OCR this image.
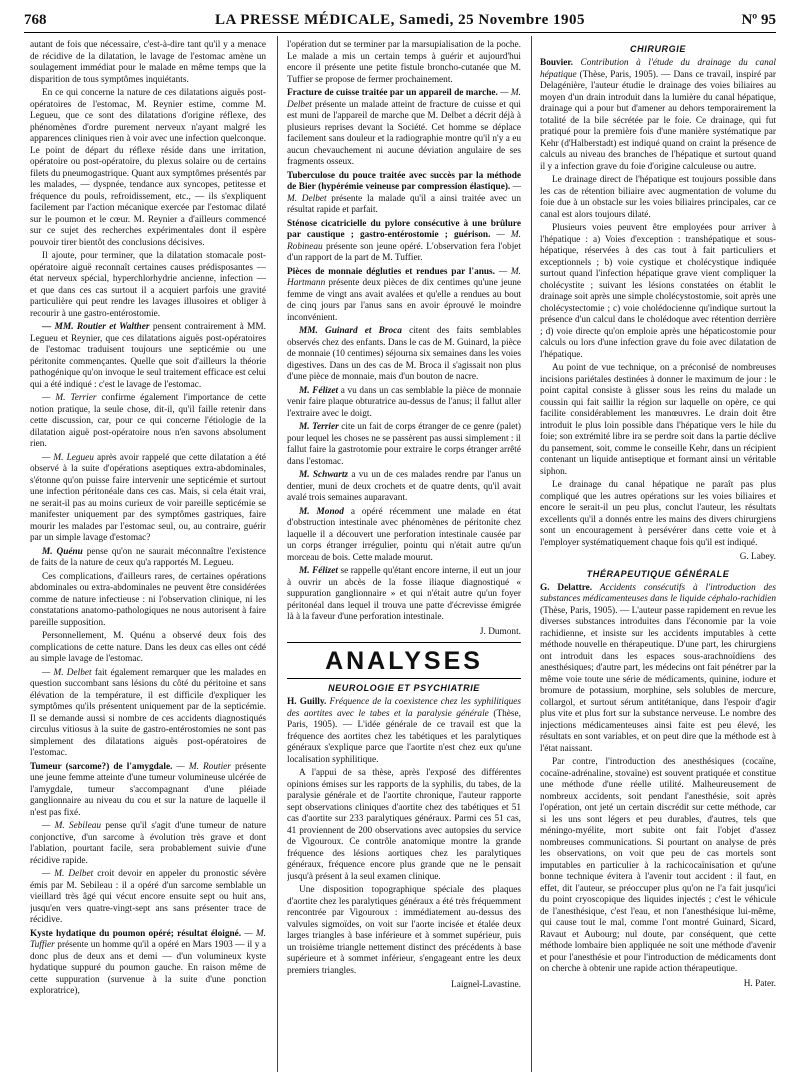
768	LA PRESSE MÉDICALE, Samedi, 25 Novembre 1905	Nº 95

autant de fois que nécessaire, c'est-à-dire tant qu'il y a menace de récidive de la dilatation, le lavage de l'estomac amène un soulagement immédiat pour le malade en même temps que la disparition de tous symptômes inquiétants.

En ce qui concerne la nature de ces dilatations aiguës post-opératoires de l'estomac, M. Reynier estime, comme M. Legueu, que ce sont des dilatations d'origine réflexe, des phénomènes d'ordre purement nerveux n'ayant malgré les apparences cliniques rien à voir avec une infection quelconque. Le point de départ du réflexe réside dans une irritation, opératoire ou post-opératoire, du plexus solaire ou de certains filets du pneumogastrique. Quant aux symptômes présentés par les malades, — dyspnée, tendance aux syncopes, petitesse et fréquence du pouls, refroidissement, etc., — ils s'expliquent facilement par l'action mécanique exercée par l'estomac dilaté sur le poumon et le cœur. M. Reynier a d'ailleurs commencé sur ce sujet des recherches expérimentales dont il espère pouvoir tirer bientôt des conclusions décisives.

Il ajoute, pour terminer, que la dilatation stomacale post-opératoire aiguë reconnaît certaines causes prédisposantes — état nerveux spécial, hyperchlorhydrie ancienne, infection — et que dans ces cas surtout il a acquiert parfois une gravité particulière qui peut rendre les lavages illusoires et obliger à recourir à une gastro-entérostomie.

— MM. Routier et Walther pensent contrairement à MM. Legueu et Reynier, que ces dilatations aiguës post-opératoires de l'estomac traduisent toujours une septicémie ou une péritonite commençantes. Quelle que soit d'ailleurs la théorie pathogénique qu'on invoque le seul traitement efficace est celui qui a été indiqué : c'est le lavage de l'estomac.

— M. Terrier confirme également l'importance de cette notion pratique, la seule chose, dit-il, qu'il faille retenir dans cette discussion, car, pour ce qui concerne l'étiologie de la dilatation aiguë post-opératoire nous n'en savons absolument rien.

— M. Legueu après avoir rappelé que cette dilatation a été observé à la suite d'opérations aseptiques extra-abdominales, s'étonne qu'on puisse faire intervenir une septicémie et surtout une infection péritonéale dans ces cas. Mais, si cela était vrai, ne serait-il pas au moins curieux de voir pareille septicémie se manifester uniquement par des symptômes gastriques, faire mourir les malades par l'estomac seul, ou, au contraire, guérir par un simple lavage d'estomac?

M. Quénu pense qu'on ne saurait méconnaître l'existence de faits de la nature de ceux qu'a rapportés M. Legueu.

Ces complications, d'ailleurs rares, de certaines opérations abdominales ou extra-abdominales ne peuvent être considérées comme de nature infectieuse : ni l'observation clinique, ni les constatations anatomo-pathologiques ne nous autorisent à faire pareille supposition.

Personnellement, M. Quénu a observé deux fois des complications de cette nature. Dans les deux cas elles ont cédé au simple lavage de l'estomac.

— M. Delbet fait également remarquer que les malades en question succombant sans lésions du côté du péritoine et sans élévation de la température, il est difficile d'expliquer les symptômes qu'ils présentent uniquement par de la septicémie. Il se demande aussi si nombre de ces accidents diagnostiqués circulus vitiosus à la suite de gastro-entérostomies ne sont pas simplement des dilatations aiguës post-opératoires de l'estomac.

Tumeur (sarcome?) de l'amygdale. — M. Routier présente une jeune femme atteinte d'une tumeur volumineuse ulcérée de l'amygdale, tumeur s'accompagnant d'une pléiade ganglionnaire au niveau du cou et sur la nature de laquelle il n'est pas fixé.

— M. Sebileau pense qu'il s'agit d'une tumeur de nature conjonctive, d'un sarcome à évolution très grave et dont l'ablation, pourtant facile, sera probablement suivie d'une récidive rapide.

— M. Delbet croit devoir en appeler du pronostic sévère émis par M. Sebileau : il a opéré d'un sarcome semblable un vieillard très âgé qui vécut encore ensuite sept ou huit ans, jusqu'en vers quatre-vingt-sept ans sans présenter trace de récidive.

Kyste hydatique du poumon opéré; résultat éloigné. — M. Tuffier présente un homme qu'il a opéré en Mars 1903 — il y a donc plus de deux ans et demi — d'un volumineux kyste hydatique suppuré du poumon gauche. En raison même de cette suppuration (survenue à la suite d'une ponction exploratrice),

l'opération dut se terminer par la marsupialisation de la poche. Le malade a mis un certain temps à guérir et aujourd'hui encore il présente une petite fistule broncho-cutanée que M. Tuffier se propose de fermer prochainement.

Fracture de cuisse traitée par un appareil de marche. — M. Delbet présente un malade atteint de fracture de cuisse et qui est muni de l'appareil de marche que M. Delbet a décrit déjà à plusieurs reprises devant la Société. Cet homme se déplace facilement sans douleur et la radiographie montre qu'il n'y a eu aucun chevauchement ni aucune déviation angulaire de ses fragments osseux.

Tuberculose du pouce traitée avec succès par la méthode de Bier (hypérémie veineuse par compression élastique). — M. Delbet présente la malade qu'il a ainsi traitée avec un résultat rapide et parfait.

Sténose cicatricielle du pylore consécutive à une brûlure par caustique ; gastro-entérostomie ; guérison. — M. Robineau présente son jeune opéré. L'observation fera l'objet d'un rapport de la part de M. Tuffier.

Pièces de monnaie dégluties et rendues par l'anus. — M. Hartmann présente deux pièces de dix centimes qu'une jeune femme de vingt ans avait avalées et qu'elle a rendues au bout de cinq jours par l'anus sans en avoir éprouvé le moindre inconvénient.

MM. Guinard et Broca citent des faits semblables observés chez des enfants. Dans le cas de M. Guinard, la pièce de monnaie (10 centimes) séjourna six semaines dans les voies digestives. Dans un des cas de M. Broca il s'agissait non plus d'une pièce de monnaie, mais d'un bouton de nacre.

M. Félizet a vu dans un cas semblable la pièce de monnaie venir faire plaque obturatrice au-dessus de l'anus; il fallut aller l'extraire avec le doigt.

M. Terrier cite un fait de corps étranger de ce genre (palet) pour lequel les choses ne se passèrent pas aussi simplement : il fallut faire la gastrotomie pour extraire le corps étranger arrêté dans l'estomac.

M. Schwartz a vu un de ces malades rendre par l'anus un dentier, muni de deux crochets et de quatre dents, qu'il avait avalé trois semaines auparavant.

M. Monod a opéré récemment une malade en état d'obstruction intestinale avec phénomènes de péritonite chez laquelle il a découvert une perforation intestinale causée par un corps étranger irrégulier, pointu qui n'était autre qu'un morceau de bois. Cette malade mourut.

M. Félizet se rappelle qu'étant encore interne, il eut un jour à ouvrir un abcès de la fosse iliaque diagnostiqué « suppuration ganglionnaire » et qui n'était autre qu'un foyer péritonéal dans lequel il trouva une patte d'écrevisse émigrée là à la faveur d'une perforation intestinale.

J. Dumont.

ANALYSES
NEUROLOGIE ET PSYCHIATRIE

H. Guilly. Fréquence de la coexistence chez les syphilitiques des aortites avec le tabes et la paralysie générale (Thèse, Paris, 1905). — L'idée générale de ce travail est que la fréquence des aortites chez les tabétiques et les paralytiques généraux s'explique parce que l'aortite n'est chez eux qu'une localisation syphilitique.

A l'appui de sa thèse, après l'exposé des différentes opinions émises sur les rapports de la syphilis, du tabes, de la paralysie générale et de l'aortite chronique, l'auteur rapporte sept observations cliniques d'aortite chez des tabétiques et 51 cas d'aortite sur 233 paralytiques généraux. Parmi ces 51 cas, 41 proviennent de 200 observations avec autopsies du service de Vigouroux. Ce contrôle anatomique montre la grande fréquence des lésions aortiques chez les paralytiques généraux, fréquence encore plus grande que ne le pensait jusqu'à présent à la seul examen clinique.

Une disposition topographique spéciale des plaques d'aortite chez les paralytiques généraux a été très fréquemment rencontrée par Vigouroux : immédiatement au-dessus des valvules sigmoïdes, on voit sur l'aorte incisée et étalée deux larges triangles à base inférieure et à sommet supérieur, puis un troisième triangle nettement distinct des précédents à base supérieure et à sommet inférieur, s'engageant entre les deux premiers triangles.

Laignel-Lavastine.

CHIRURGIE

Bouvier. Contribution à l'étude du drainage du canal hépatique (Thèse, Paris, 1905). — Dans ce travail, inspiré par Delagénière, l'auteur étudie le drainage des voies biliaires au moyen d'un drain introduit dans la lumière du canal hépatique, drainage qui a pour but d'amener au dehors temporairement la totalité de la bile sécrétée par le foie. Ce drainage, qui fut pratiqué pour la première fois d'une manière systématique par Kehr (d'Halberstadt) est indiqué quand on craint la présence de calculs au niveau des branches de l'hépatique et surtout quand il y a infection grave du foie d'origine calculeuse ou autre.

Le drainage direct de l'hépatique est toujours possible dans les cas de rétention biliaire avec augmentation de volume du foie due à un obstacle sur les voies biliaires principales, car ce canal est alors toujours dilaté.

Plusieurs voies peuvent être employées pour arriver à l'hépatique : a) Voies d'exception : transhépatique et sous-hépatique, réservées à des cas tout à fait particuliers et exceptionnels ; b) voie cystique et cholécystique indiquée surtout quand l'infection hépatique grave vient compliquer la cholécystite ; suivant les lésions constatées on établit le drainage soit après une simple cholécystostomie, soit après une cholécystectomie ; c) voie cholédocienne qu'indique surtout la présence d'un calcul dans le cholédoque avec rétention derrière ; d) voie directe qu'on emploie après une hépaticostomie pour calculs ou lors d'une infection grave du foie avec dilatation de l'hépatique.

Au point de vue technique, on a préconisé de nombreuses incisions pariétales destinées à donner le maximum de jour : le point capital consiste à glisser sous les reins du malade un coussin qui fait saillir la région sur laquelle on opère, ce qui facilite considérablement les manœuvres. Le drain doit être introduit le plus loin possible dans l'hépatique vers le hile du foie; son extrémité libre ira se perdre soit dans la partie déclive du pansement, soit, comme le conseille Kehr, dans un récipient contenant un liquide antiseptique et formant ainsi un véritable siphon.

Le drainage du canal hépatique ne paraît pas plus compliqué que les autres opérations sur les voies biliaires et encore le serait-il un peu plus, conclut l'auteur, les résultats excellents qu'il a donnés entre les mains des divers chirurgiens sont un encouragement à persévérer dans cette voie et à l'employer systématiquement chaque fois qu'il est indiqué.

G. Labey.

THÉRAPEUTIQUE GÉNÉRALE

G. Delattre. Accidents consécutifs à l'introduction des substances médicamenteuses dans le liquide céphalo-rachidien (Thèse, Paris, 1905). — L'auteur passe rapidement en revue les diverses substances introduites dans l'économie par la voie rachidienne, et insiste sur les accidents imputables à cette méthode nouvelle en thérapeutique. D'une part, les chirurgiens ont introduit dans les espaces sous-arachnoïdiens des anesthésiques; d'autre part, les médecins ont fait pénétrer par la même voie toute une série de médicaments, quinine, iodure et bromure de potassium, morphine, sels solubles de mercure, collargol, et surtout sérum antitétanique, dans l'espoir d'agir plus vite et plus fort sur la substance nerveuse. Le nombre des injections médicamenteuses ainsi faite est peu élevé, les résultats en sont variables, et on peut dire que la méthode est à l'état naissant.

Par contre, l'introduction des anesthésiques (cocaïne, cocaïne-adrénaline, stovaïne) est souvent pratiquée et constitue une méthode d'une réelle utilité. Malheureusement de nombreux accidents, soit pendant l'anesthésie, soit après l'opération, ont jeté un certain discrédit sur cette méthode, car si les uns sont légers et peu durables, d'autres, tels que méningo-myélite, mort subite ont fait l'objet d'assez nombreuses communications. Si pourtant on analyse de près les observations, on voit que peu de cas mortels sont imputables en particulier à la rachicocaïnisation et qu'une bonne technique évitera à l'avenir tout accident : il faut, en effet, dit l'auteur, se préoccuper plus qu'on ne l'a fait jusqu'ici du point cryoscopique des liquides injectés ; c'est le véhicule de l'anesthésique, c'est l'eau, et non l'anesthésique lui-même, qui cause tout le mal, comme l'ont montré Guinard, Sicard, Ravaut et Aubourg; nul doute, par conséquent, que cette méthode lombaire bien appliquée ne soit une méthode d'avenir et pour l'anesthésie et pour l'introduction de médicaments dont on cherche à obtenir une rapide action thérapeutique.

H. Pater.
